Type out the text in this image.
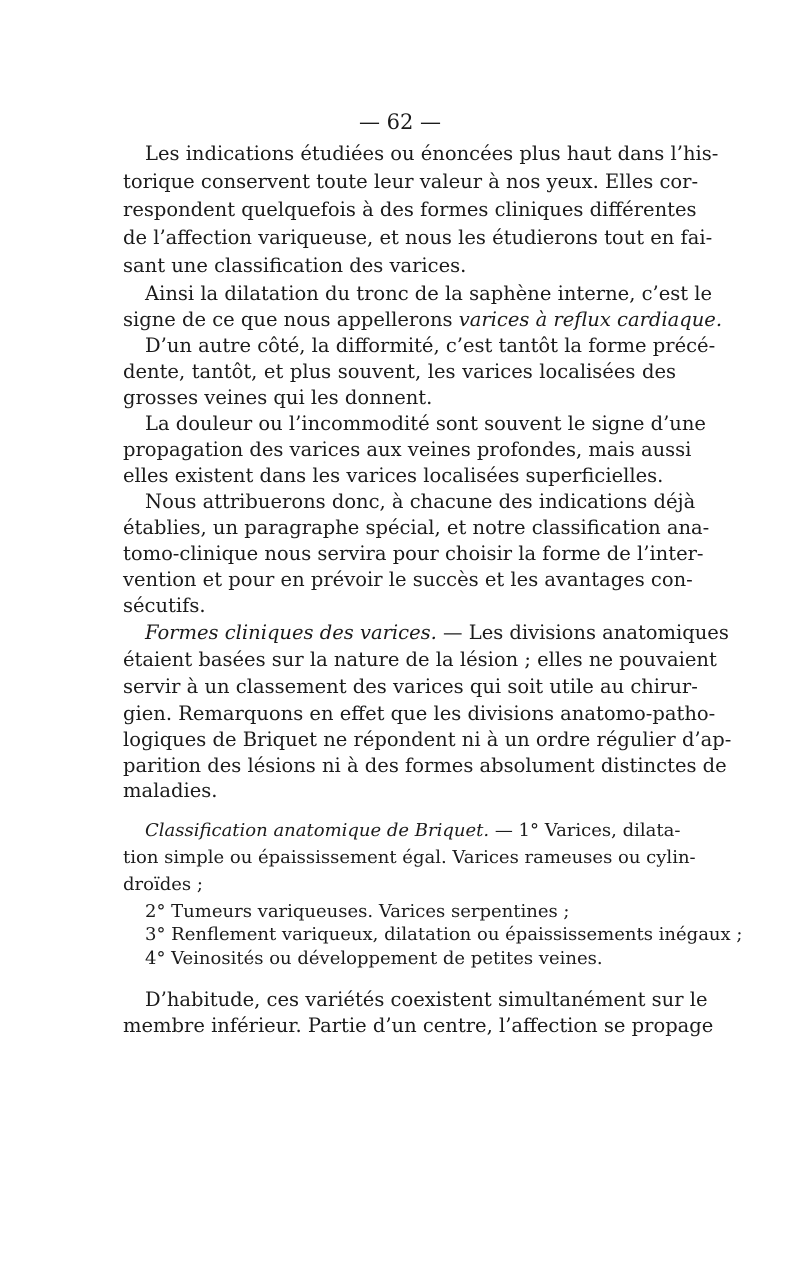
— 62 —
Les indications étudiées ou énoncées plus haut dans l’his-
torique conservent toute leur valeur à nos yeux. Elles cor-
respondent quelquefois à des formes cliniques différentes
de l’affection variqueuse, et nous les étudierons tout en fai-
sant une classification des varices.
Ainsi la dilatation du tronc de la saphène interne, c’est le
signe de ce que nous appellerons varices à reflux cardiaque.
D’un autre côté, la difformité, c’est tantôt la forme précé-
dente, tantôt, et plus souvent, les varices localisées des
grosses veines qui les donnent.
La douleur ou l’incommodité sont souvent le signe d’une
propagation des varices aux veines profondes, mais aussi
elles existent dans les varices localisées superficielles.
Nous attribuerons donc, à chacune des indications déjà
établies, un paragraphe spécial, et notre classification ana-
tomo-clinique nous servira pour choisir la forme de l’inter-
vention et pour en prévoir le succès et les avantages con-
sécutifs.
Formes cliniques des varices. — Les divisions anatomiques
étaient basées sur la nature de la lésion ; elles ne pouvaient
servir à un classement des varices qui soit utile au chirur-
gien. Remarquons en effet que les divisions anatomo-patho-
logiques de Briquet ne répondent ni à un ordre régulier d’ap-
parition des lésions ni à des formes absolument distinctes de
maladies.
Classification anatomique de Briquet. — 1° Varices, dilata-
tion simple ou épaississement égal. Varices rameuses ou cylin-
droïdes ;
2° Tumeurs variqueuses. Varices serpentines ;
3° Renflement variqueux, dilatation ou épaississements inégaux ;
4° Veinosités ou développement de petites veines.
D’habitude, ces variétés coexistent simultanément sur le
membre inférieur. Partie d’un centre, l’affection se propage
